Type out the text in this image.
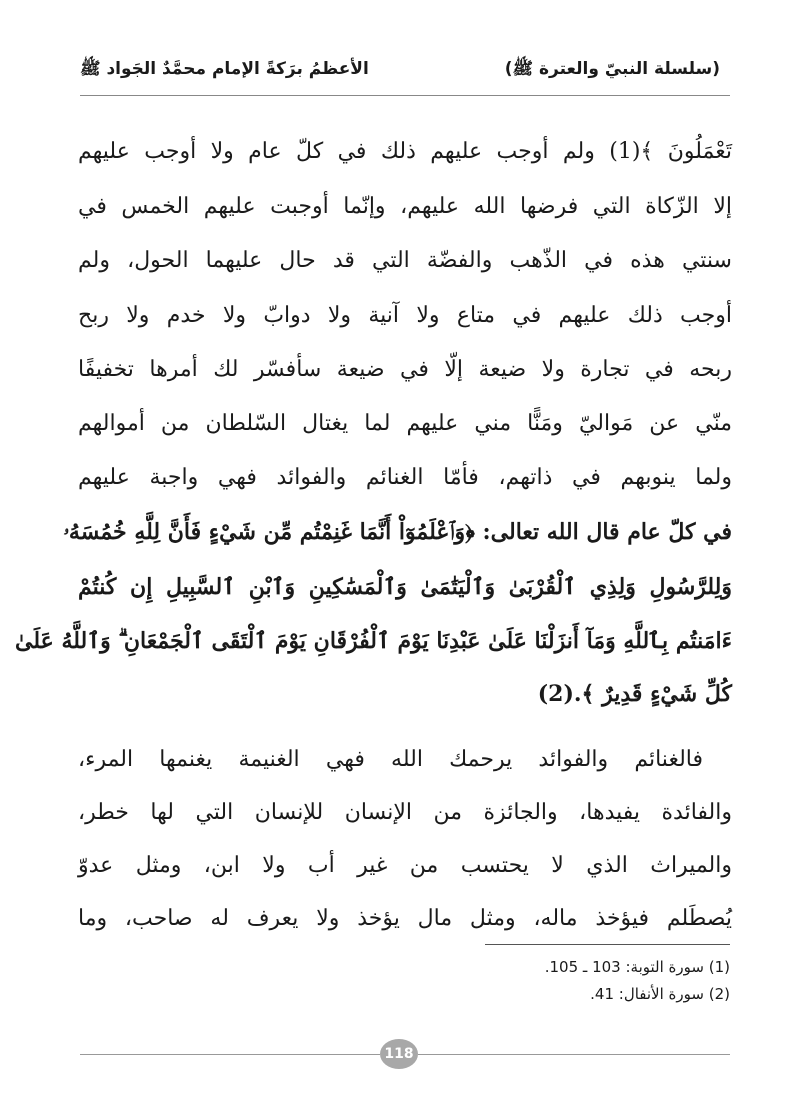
(سلسلة النبيّ والعترة ﷺ)
الأعظمُ برَكةً الإمام محمَّدٌ الجَواد ﷺ
تَعْمَلُونَ ﴾(1) ولم أوجب عليهم ذلك في كلّ عام ولا أوجب عليهم
إلا الزّكاة التي فرضها الله عليهم، وإنّما أوجبت عليهم الخمس في
سنتي هذه في الذّهب والفضّة التي قد حال عليهما الحول، ولم
أوجب ذلك عليهم في متاع ولا آنية ولا دوابّ ولا خدم ولا ربح
ربحه في تجارة ولا ضيعة إلّا في ضيعة سأفسّر لك أمرها تخفيفًا
منّي عن مَواليّ ومَنًّا مني عليهم لما يغتال السّلطان من أموالهم
ولما ينوبهم في ذاتهم، فأمّا الغنائم والفوائد فهي واجبة عليهم
في كلّ عام قال الله تعالى: ﴿وَٱعْلَمُوٓاْ أَنَّمَا غَنِمْتُم مِّن شَيْءٍ فَأَنَّ لِلَّهِ خُمُسَهُۥ
وَلِلرَّسُولِ وَلِذِي ٱلْقُرْبَىٰ وَٱلْيَتَٰمَىٰ وَٱلْمَسَٰكِينِ وَٱبْنِ ٱلسَّبِيلِ إِن كُنتُمْ
ءَامَنتُم بِٱللَّهِ وَمَآ أَنزَلْنَا عَلَىٰ عَبْدِنَا يَوْمَ ٱلْفُرْقَانِ يَوْمَ ٱلْتَقَى ٱلْجَمْعَانِ ۗ وَٱللَّهُ عَلَىٰ
كُلِّ شَيْءٍ قَدِيرٌ ﴾.(2)
فالغنائم والفوائد يرحمك الله فهي الغنيمة يغنمها المرء،
والفائدة يفيدها، والجائزة من الإنسان للإنسان التي لها خطر،
والميراث الذي لا يحتسب من غير أب ولا ابن، ومثل عدوّ
يُصطَلم فيؤخذ ماله، ومثل مال يؤخذ ولا يعرف له صاحب، وما
(1) سورة التوبة: 103 ـ 105.
(2) سورة الأنفال: 41.
118
